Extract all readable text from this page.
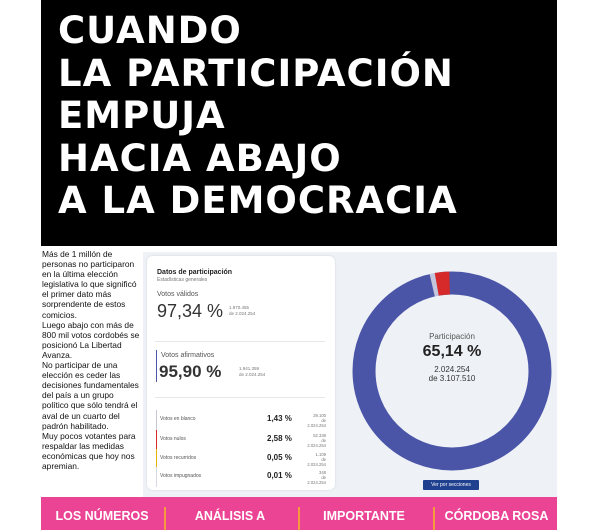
CUANDO
LA PARTICIPACIÓN
EMPUJA
HACIA ABAJO
A LA DEMOCRACIA

Más de 1 millón de personas no participaron en la última elección legislativa lo que significó el primer dato más sorprendente de estos comicios.

Luego abajo con más de 800 mil votos cordobés se posicionó La Libertad Avanza.

No participar de una elección es ceder las decisiones fundamentales del país a un grupo político que sólo tendrá el aval de un cuarto del padrón habilitado.

Muy pocos votantes para respaldar las medidas económicas que hoy nos apremian.

Datos de participación
Estadísticas generales
Votos válidos
97,34 % 1.970.455
de 2.024.254
Votos afirmativos
95,90 %	1.941.359
de 2.024.254
Votos en blanco	1,43 %	29.100
de 2.024.254
Votos nulos	2,58 %	52.338
de 2.024.254
Votos recurridos	0,05 %	1.109
de 2.024.254
Votos impugnados	0,01 %	348
de 2.024.254
Participación
65,14 %
2.024.254
de 3.107.510
Ver por secciones
LOS NÚMEROS	ANÁLISIS A	IMPORTANTE	CÓRDOBA ROSA
